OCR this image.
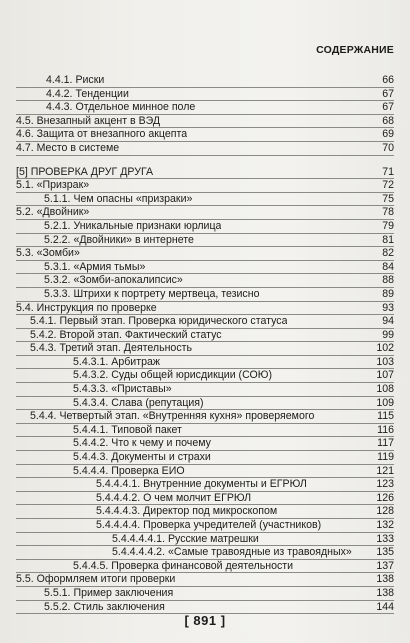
СОДЕРЖАНИЕ
4.4.1. Риски	66
4.4.2. Тенденции	67
4.4.3. Отдельное минное поле	67
4.5. Внезапный акцент в ВЭД	68
4.6. Защита от внезапного акцепта	69
4.7. Место в системе	70
[5] ПРОВЕРКА ДРУГ ДРУГА	71
5.1. «Призрак»	72
5.1.1. Чем опасны «призраки»	75
5.2. «Двойник»	78
5.2.1. Уникальные признаки юрлица	79
5.2.2. «Двойники» в интернете	81
5.3. «Зомби»	82
5.3.1. «Армия тьмы»	84
5.3.2. «Зомби-апокалипсис»	88
5.3.3. Штрихи к портрету мертвеца, тезисно	89
5.4. Инструкция по проверке	93
5.4.1. Первый этап. Проверка юридического статуса	94
5.4.2. Второй этап. Фактический статус	99
5.4.3. Третий этап. Деятельность	102
5.4.3.1. Арбитраж	103
5.4.3.2. Суды общей юрисдикции (СОЮ)	107
5.4.3.3. «Приставы»	108
5.4.3.4. Слава (репутация)	109
5.4.4. Четвертый этап. «Внутренняя кухня» проверяемого	115
5.4.4.1. Типовой пакет	116
5.4.4.2. Что к чему и почему	117
5.4.4.3. Документы и страхи	119
5.4.4.4. Проверка ЕИО	121
5.4.4.4.1. Внутренние документы и ЕГРЮЛ	123
5.4.4.4.2. О чем молчит ЕГРЮЛ	126
5.4.4.4.3. Директор под микроскопом	128
5.4.4.4.4. Проверка учредителей (участников)	132
5.4.4.4.4.1. Русские матрешки	133
5.4.4.4.4.2. «Самые травоядные из травоядных» 135
5.4.4.5. Проверка финансовой деятельности	137
5.5. Оформляем итоги проверки	138
5.5.1. Пример заключения	138
5.5.2. Стиль заключения	144
[ 891 ]
